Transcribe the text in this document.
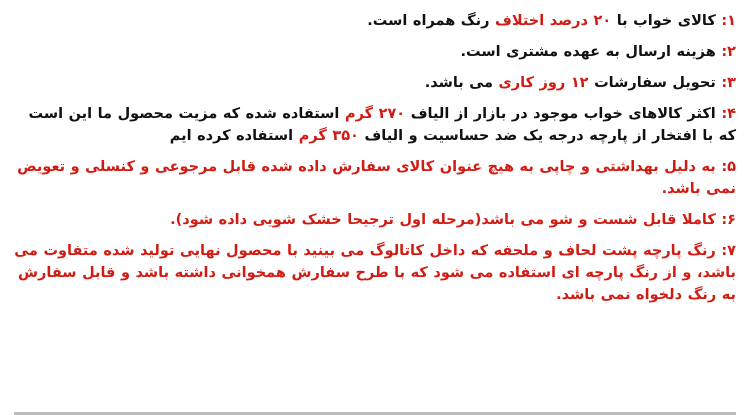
۱: کالای خواب با ۲۰ درصد اختلاف رنگ همراه است.

۲: هزینه ارسال به عهده مشتری است.

۳: تحویل سفارشات ۱۲ روز کاری می باشد.

۴: اکثر کالاهای خواب موجود در بازار از الیاف ۲۷۰ گرم استفاده شده که مزیت محصول ما این است که با افتخار از پارچه درجه یک ضد حساسیت و الیاف ۳۵۰ گرم استفاده کرده ایم

۵: به دلیل بهداشتی و چاپی به هیچ عنوان کالای سفارش داده شده قابل مرجوعی و کنسلی و تعویض نمی باشد.

۶: کاملا قابل شست و شو می باشد(مرحله اول ترجیحا خشک شویی داده شود).

۷: رنگ پارچه پشت لحاف و ملحفه که داخل کاتالوگ می بینید با محصول نهایی تولید شده متفاوت می باشد، و از رنگ پارچه ای استفاده می شود که با طرح سفارش همخوانی داشته باشد و قابل سفارش به رنگ دلخواه نمی باشد.
